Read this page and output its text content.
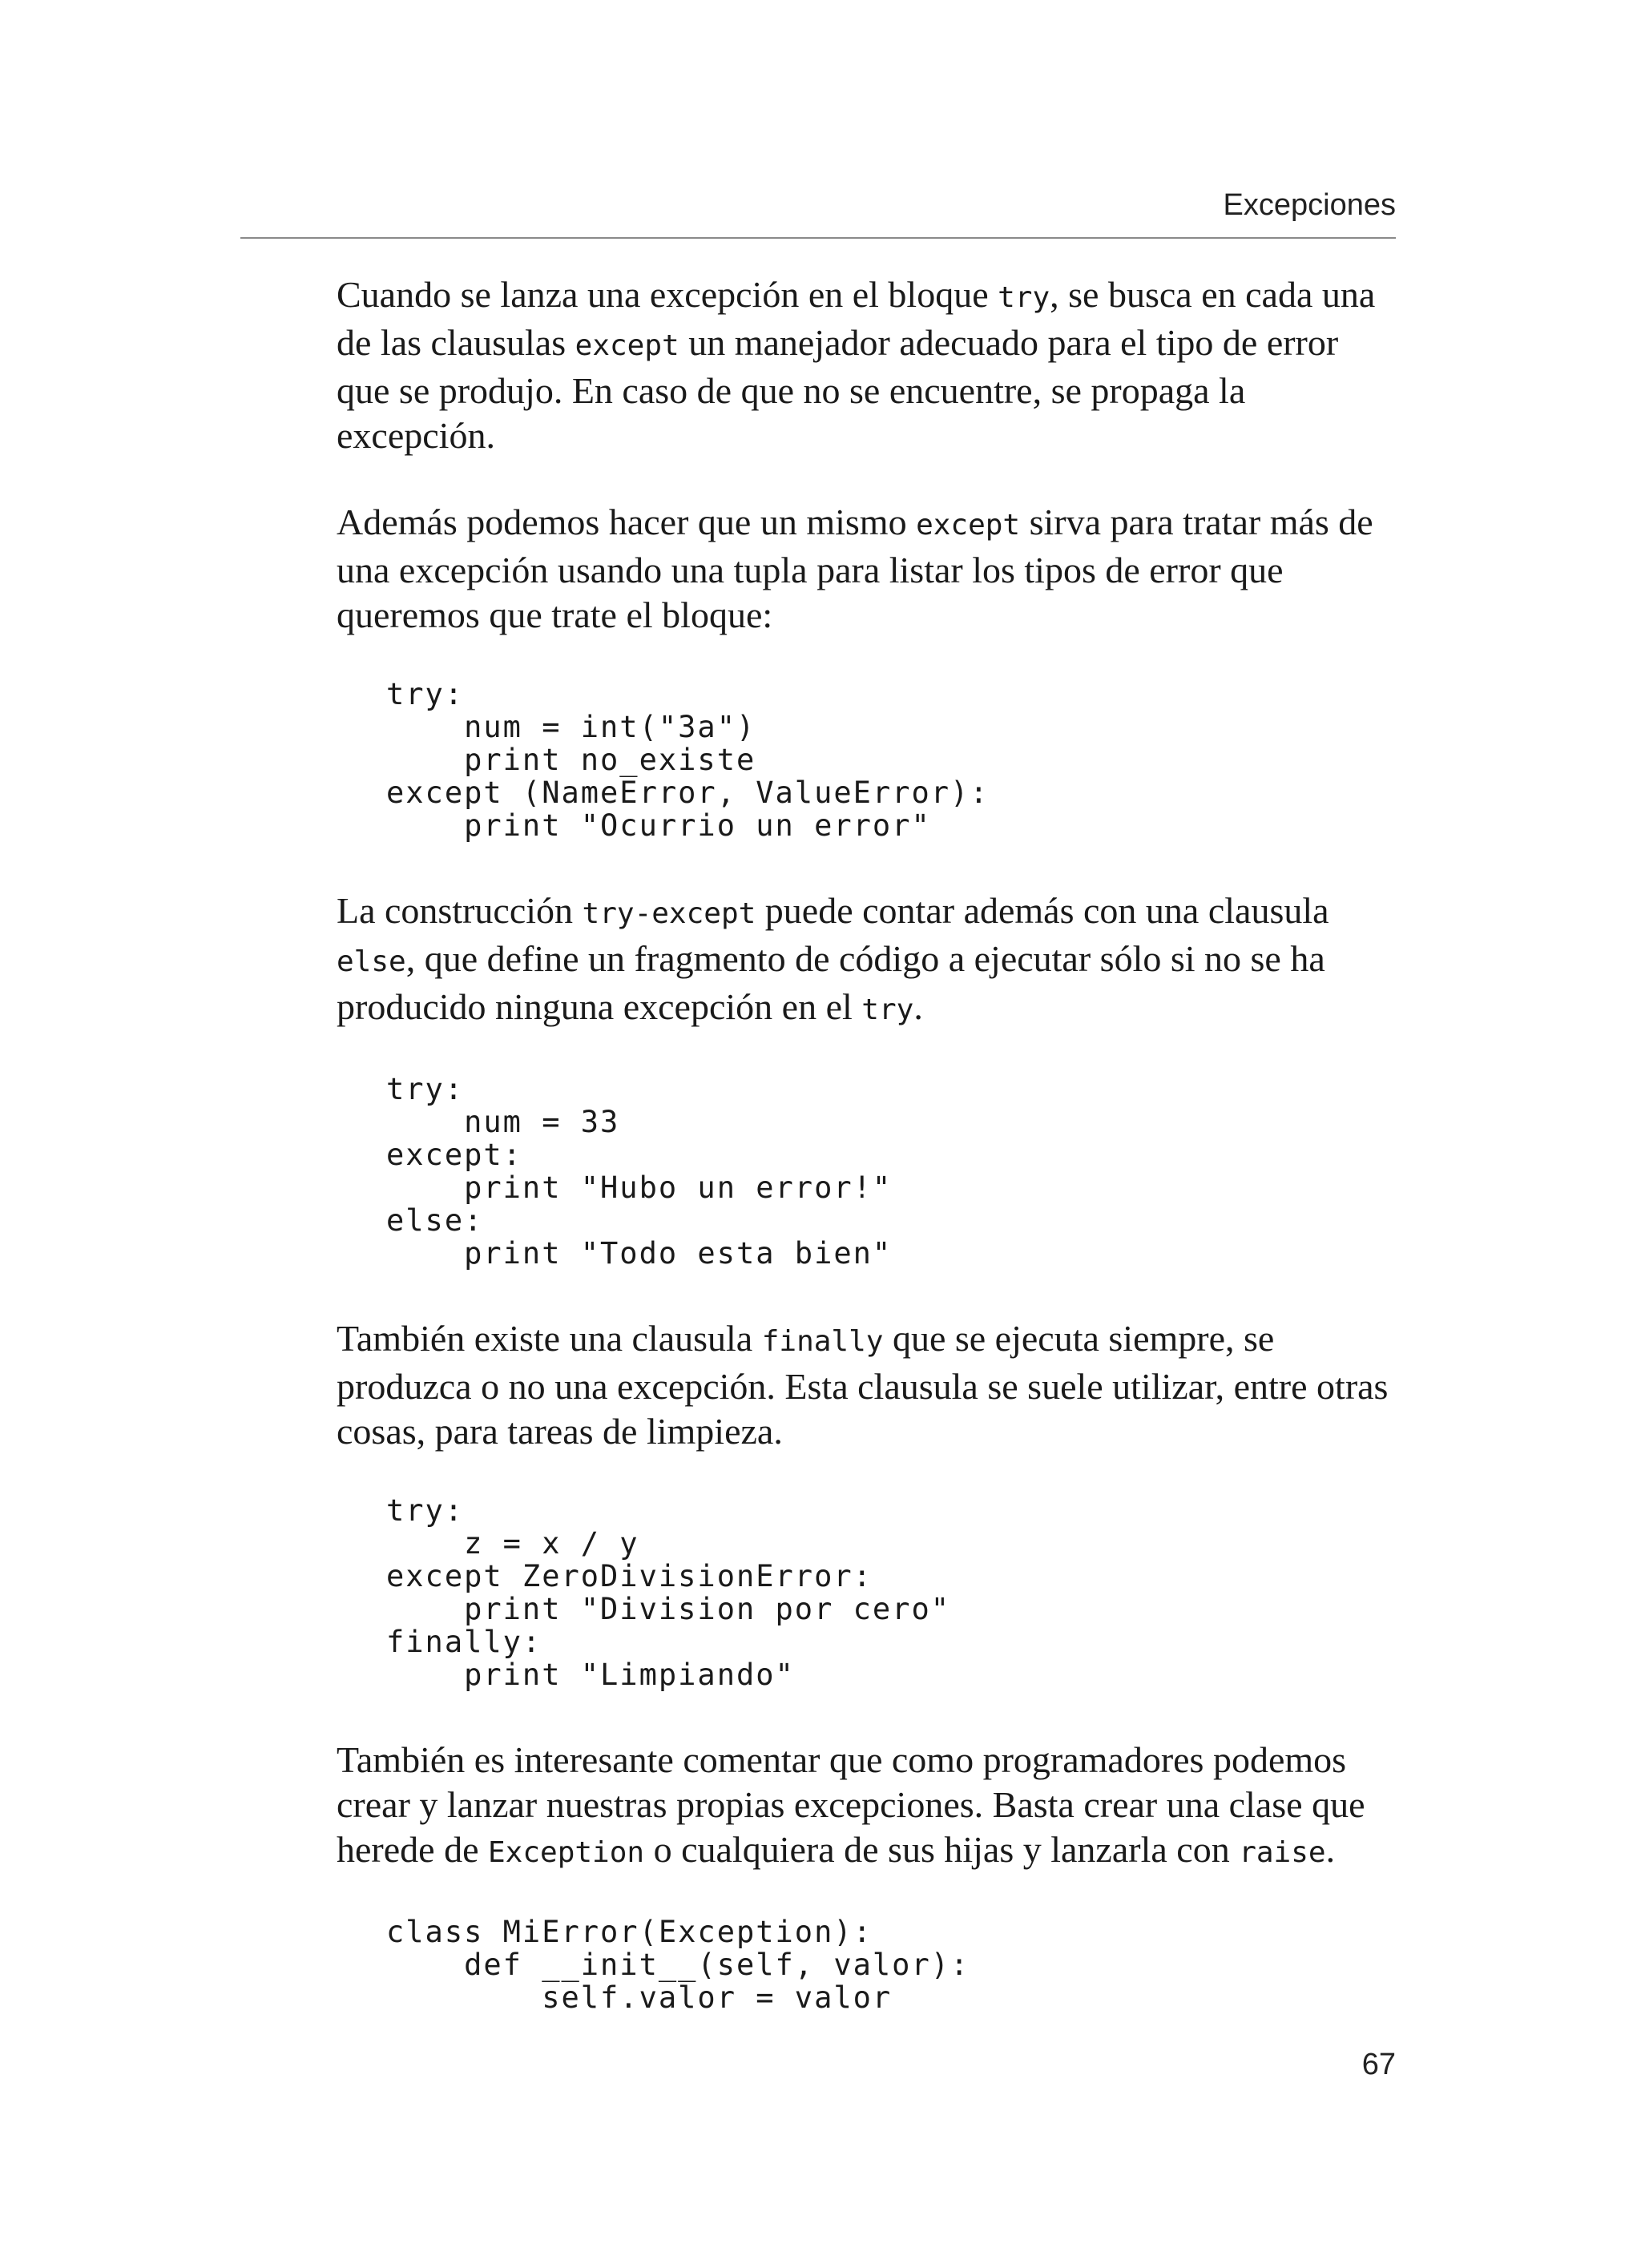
Excepciones

Cuando se lanza una excepción en el bloque try, se busca en cada una de las clausulas except un manejador adecuado para el tipo de error que se produjo. En caso de que no se encuentre, se propaga la excepción.

Además podemos hacer que un mismo except sirva para tratar más de una excepción usando una tupla para listar los tipos de error que queremos que trate el bloque:

try:
num = int("3a")
print no_existe
except (NameError, ValueError):
print "Ocurrio un error"

La construcción try-except puede contar además con una clausula else, que define un fragmento de código a ejecutar sólo si no se ha producido ninguna excepción en el try.

try:
num = 33
except:
print "Hubo un error!"
else:
print "Todo esta bien"

También existe una clausula finally que se ejecuta siempre, se produzca o no una excepción. Esta clausula se suele utilizar, entre otras cosas, para tareas de limpieza.

try:
z = x / y
except ZeroDivisionError:
print "Division por cero"
finally:
print "Limpiando"

También es interesante comentar que como programadores podemos crear y lanzar nuestras propias excepciones. Basta crear una clase que herede de Exception o cualquiera de sus hijas y lanzarla con raise.

class MiError(Exception):
def __init__(self, valor):
self.valor = valor
67
